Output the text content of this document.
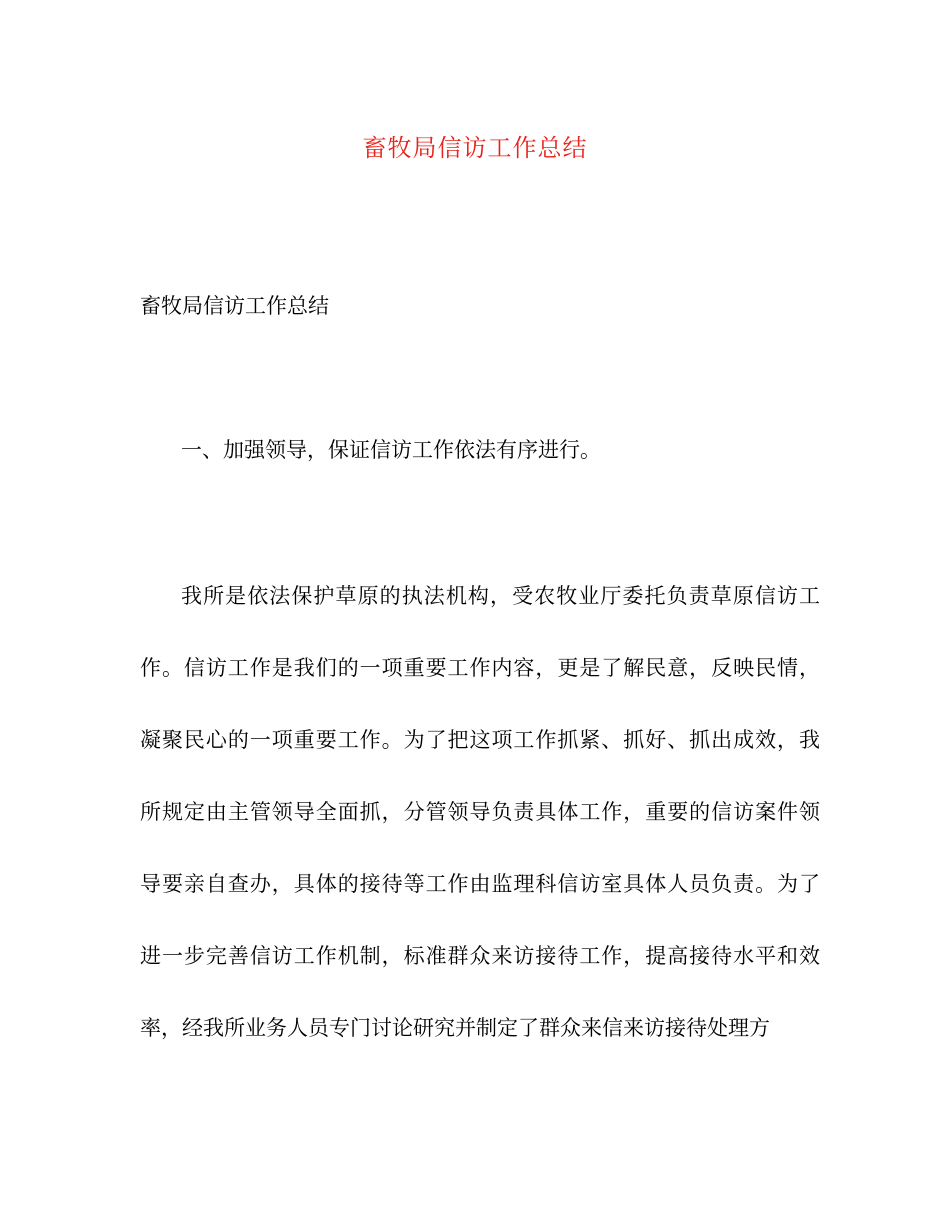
畜牧局信访工作总结

畜牧局信访工作总结

一、加强领导，保证信访工作依法有序进行。
我所是依法保护草原的执法机构，受农牧业厅委托负责草原信访工
作。信访工作是我们的一项重要工作内容，更是了解民意，反映民情，
凝聚民心的一项重要工作。为了把这项工作抓紧、抓好、抓出成效，我
所规定由主管领导全面抓，分管领导负责具体工作，重要的信访案件领
导要亲自查办，具体的接待等工作由监理科信访室具体人员负责。为了
进一步完善信访工作机制，标准群众来访接待工作，提高接待水平和效
率，经我所业务人员专门讨论研究并制定了群众来信来访接待处理方
